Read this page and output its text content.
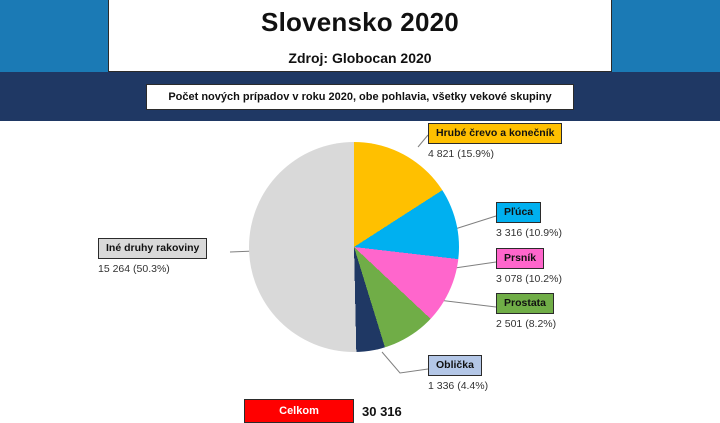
Slovensko 2020
Zdroj: Globocan 2020
Počet nových prípadov v roku 2020, obe pohlavia, všetky vekové skupiny
Hrubé črevo a konečník
4 821 (15.9%)
Pľúca
3 316 (10.9%)
Prsník
3 078 (10.2%)
Prostata
2 501 (8.2%)
Oblička
1 336 (4.4%)
Iné druhy rakoviny
15 264 (50.3%)
Celkom	30 316
